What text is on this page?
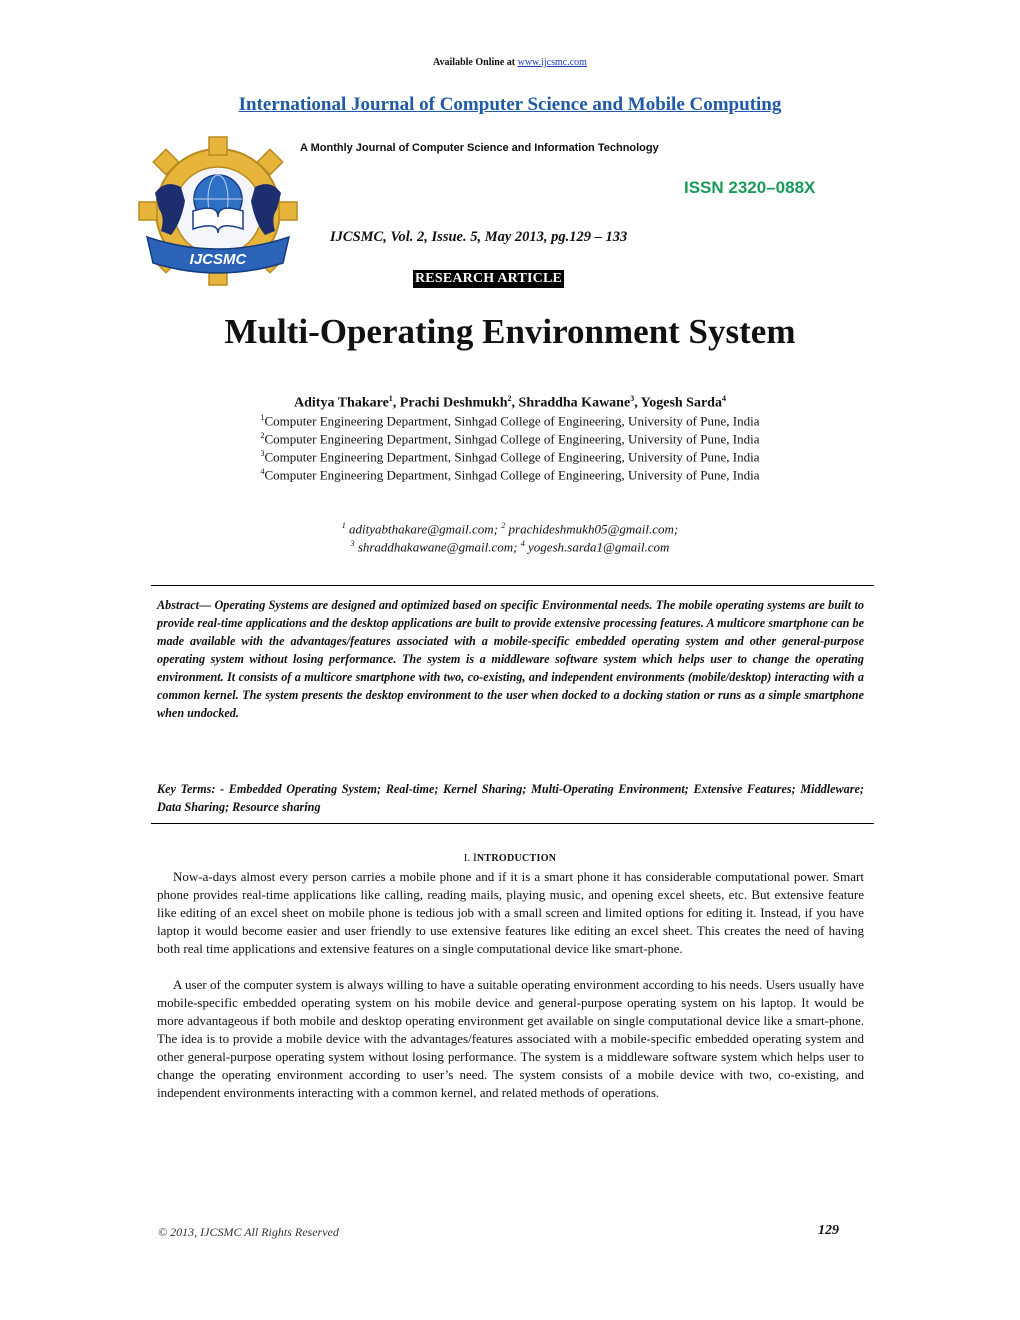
Available Online at www.ijcsmc.com
International Journal of Computer Science and Mobile Computing
IJCSMC
A Monthly Journal of Computer Science and Information Technology
ISSN 2320–088X
IJCSMC, Vol. 2, Issue. 5, May 2013, pg.129 – 133
RESEARCH ARTICLE
Multi-Operating Environment System
Aditya Thakare$^1$, Prachi Deshmukh$^2$, Shraddha Kawane$^3$, Yogesh Sarda$^4$
$^1$Computer Engineering Department, Sinhgad College of Engineering, University of Pune, India
$^2$Computer Engineering Department, Sinhgad College of Engineering, University of Pune, India
$^3$Computer Engineering Department, Sinhgad College of Engineering, University of Pune, India
$^4$Computer Engineering Department, Sinhgad College of Engineering, University of Pune, India
$^1$ adityabthakare@gmail.com; $^2$ prachideshmukh05@gmail.com;
$^3$ shraddhakawane@gmail.com; $^4$ yogesh.sarda1@gmail.com
Abstract— Operating Systems are designed and optimized based on specific Environmental needs. The mobile operating systems are built to provide real-time applications and the desktop applications are built to provide extensive processing features. A multicore smartphone can be made available with the advantages/features associated with a mobile-specific embedded operating system and other general-purpose operating system without losing performance. The system is a middleware software system which helps user to change the operating environment. It consists of a multicore smartphone with two, co-existing, and independent environments (mobile/desktop) interacting with a common kernel. The system presents the desktop environment to the user when docked to a docking station or runs as a simple smartphone when undocked.
Key Terms: - Embedded Operating System; Real-time; Kernel Sharing; Multi-Operating Environment; Extensive Features; Middleware; Data Sharing; Resource sharing
I. INTRODUCTION

Now-a-days almost every person carries a mobile phone and if it is a smart phone it has considerable computational power. Smart phone provides real-time applications like calling, reading mails, playing music, and opening excel sheets, etc. But extensive feature like editing of an excel sheet on mobile phone is tedious job with a small screen and limited options for editing it. Instead, if you have laptop it would become easier and user friendly to use extensive features like editing an excel sheet. This creates the need of having both real time applications and extensive features on a single computational device like smart-phone.

A user of the computer system is always willing to have a suitable operating environment according to his needs. Users usually have mobile-specific embedded operating system on his mobile device and general-purpose operating system on his laptop. It would be more advantageous if both mobile and desktop operating environment get available on single computational device like a smart-phone. The idea is to provide a mobile device with the advantages/features associated with a mobile-specific embedded operating system and other general-purpose operating system without losing performance. The system is a middleware software system which helps user to change the operating environment according to user’s need. The system consists of a mobile device with two, co-existing, and independent environments interacting with a common kernel, and related methods of operations.

© 2013, IJCSMC All Rights Reserved	129
